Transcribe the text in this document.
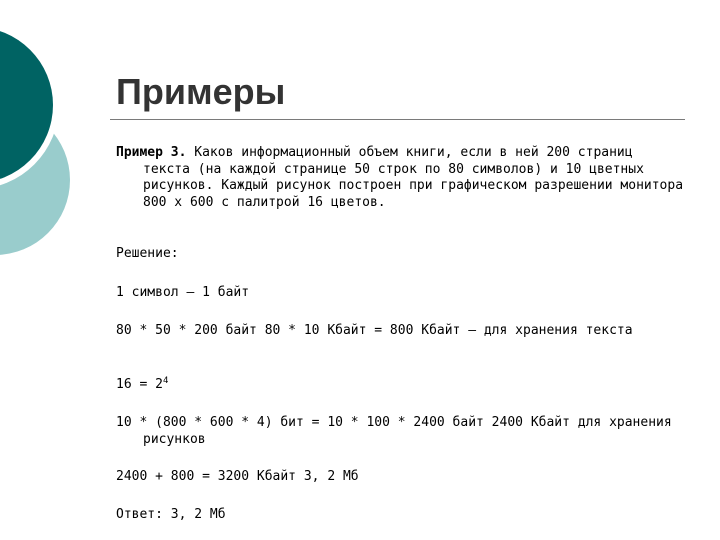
Примеры

Пример 3. Каков информационный объем книги, если в ней 200 страниц текста (на каждой странице 50 строк по 80 символов) и 10 цветных рисунков. Каждый рисунок построен при графическом разрешении монитора 800 х 600 с палитрой 16 цветов.

Решение:

1 символ – 1 байт

80 * 50 * 200 байт 80 * 10 Кбайт = 800 Кбайт – для хранения текста

$16 = 2^4$

10 * (800 * 600 * 4) бит = 10 * 100 * 2400 байт 2400 Кбайт для хранения рисунков

2400 + 800 = 3200 Кбайт 3, 2 Мб

Ответ: 3, 2 Мб
